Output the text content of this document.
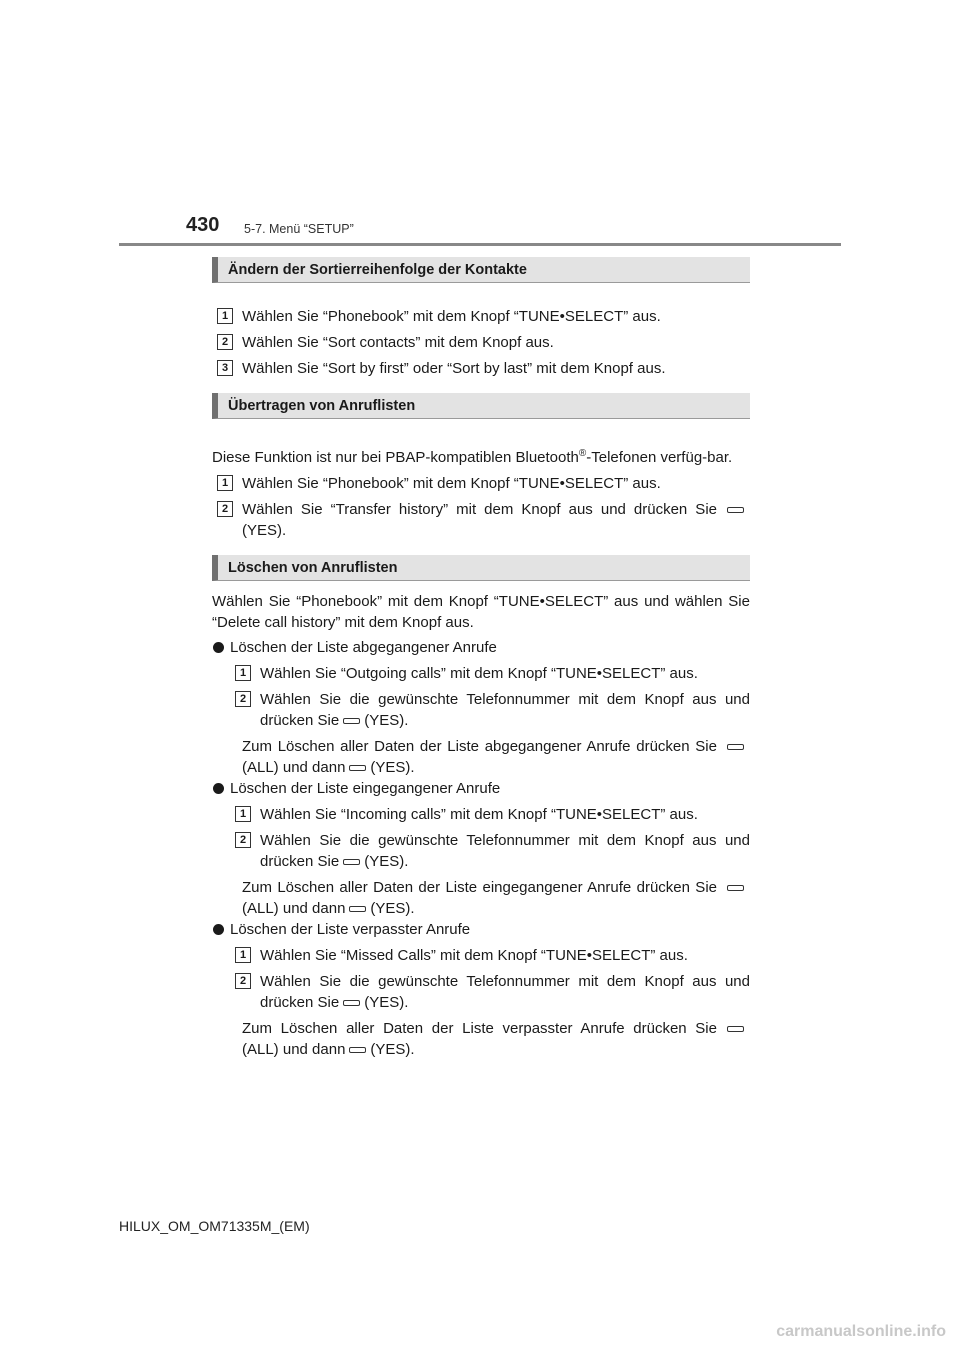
430 5-7. Menü “SETUP”
Ändern der Sortierreihenfolge der Kontakte

1 Wählen Sie “Phonebook” mit dem Knopf “TUNE•SELECT” aus.

2 Wählen Sie “Sort contacts” mit dem Knopf aus.

3 Wählen Sie “Sort by first” oder “Sort by last” mit dem Knopf aus.

Übertragen von Anruflisten

Diese Funktion ist nur bei PBAP-kompatiblen Bluetooth®-Telefonen verfüg-bar.

1 Wählen Sie “Phonebook” mit dem Knopf “TUNE•SELECT” aus.

2 Wählen Sie “Transfer history” mit dem Knopf aus und drücken Sie
(YES).
Löschen von Anruflisten

Wählen Sie “Phonebook” mit dem Knopf “TUNE•SELECT” aus und wählen Sie “Delete call history” mit dem Knopf aus.

Löschen der Liste abgegangener Anrufe

1 Wählen Sie “Outgoing calls” mit dem Knopf “TUNE•SELECT” aus.

2 Wählen Sie die gewünschte Telefonnummer mit dem Knopf aus und drücken Sie (YES).
Zum Löschen aller Daten der Liste abgegangener Anrufe drücken Sie
(ALL) und dann (YES).

Löschen der Liste eingegangener Anrufe

1 Wählen Sie “Incoming calls” mit dem Knopf “TUNE•SELECT” aus.

2 Wählen Sie die gewünschte Telefonnummer mit dem Knopf aus und drücken Sie (YES).
Zum Löschen aller Daten der Liste eingegangener Anrufe drücken Sie
(ALL) und dann (YES).

Löschen der Liste verpasster Anrufe

1 Wählen Sie “Missed Calls” mit dem Knopf “TUNE•SELECT” aus.

2 Wählen Sie die gewünschte Telefonnummer mit dem Knopf aus und drücken Sie (YES).
Zum Löschen aller Daten der Liste verpasster Anrufe drücken Sie
(ALL) und dann (YES).
HILUX_OM_OM71335M_(EM)
carmanualsonline.info
